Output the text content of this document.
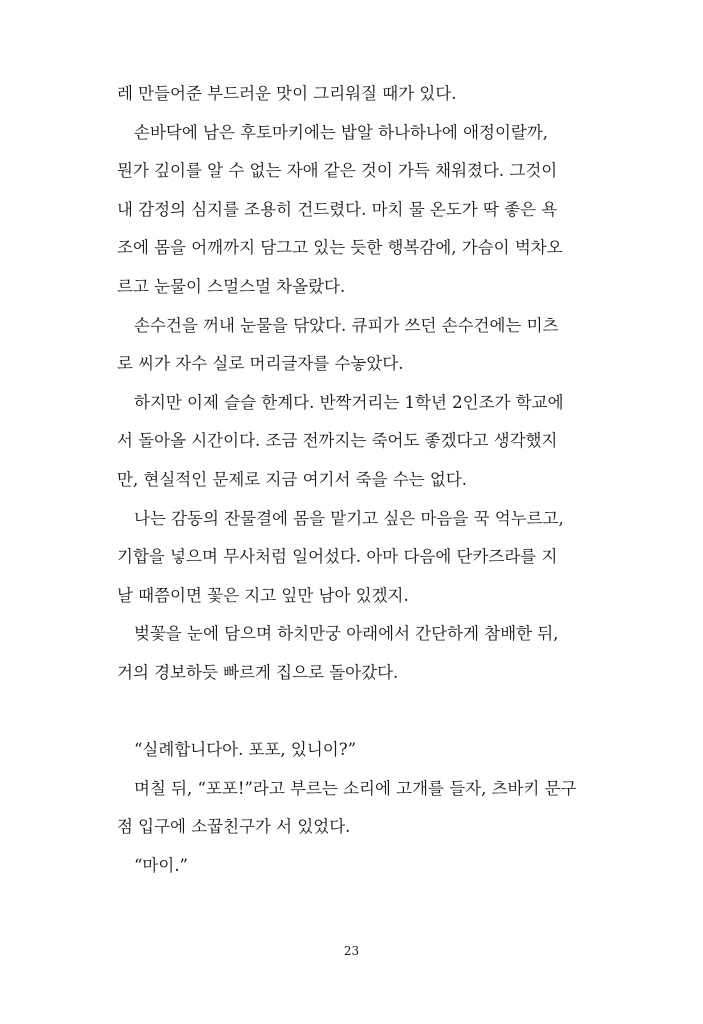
레 만들어준 부드러운 맛이 그리워질 때가 있다.
손바닥에 남은 후토마키에는 밥알 하나하나에 애정이랄까,
뭔가 깊이를 알 수 없는 자애 같은 것이 가득 채워졌다. 그것이
내 감정의 심지를 조용히 건드렸다. 마치 물 온도가 딱 좋은 욕
조에 몸을 어깨까지 담그고 있는 듯한 행복감에, 가슴이 벅차오
르고 눈물이 스멀스멀 차올랐다.
손수건을 꺼내 눈물을 닦았다. 큐피가 쓰던 손수건에는 미츠
로 씨가 자수 실로 머리글자를 수놓았다.
하지만 이제 슬슬 한계다. 반짝거리는 1학년 2인조가 학교에
서 돌아올 시간이다. 조금 전까지는 죽어도 좋겠다고 생각했지
만, 현실적인 문제로 지금 여기서 죽을 수는 없다.
나는 감동의 잔물결에 몸을 맡기고 싶은 마음을 꾹 억누르고,
기합을 넣으며 무사처럼 일어섰다. 아마 다음에 단카즈라를 지
날 때쯤이면 꽃은 지고 잎만 남아 있겠지.
벚꽃을 눈에 담으며 하치만궁 아래에서 간단하게 참배한 뒤,
거의 경보하듯 빠르게 집으로 돌아갔다.
“실례합니다아. 포포, 있니이?”
며칠 뒤, “포포!”라고 부르는 소리에 고개를 들자, 츠바키 문구
점 입구에 소꿉친구가 서 있었다.
“마이.”
23
